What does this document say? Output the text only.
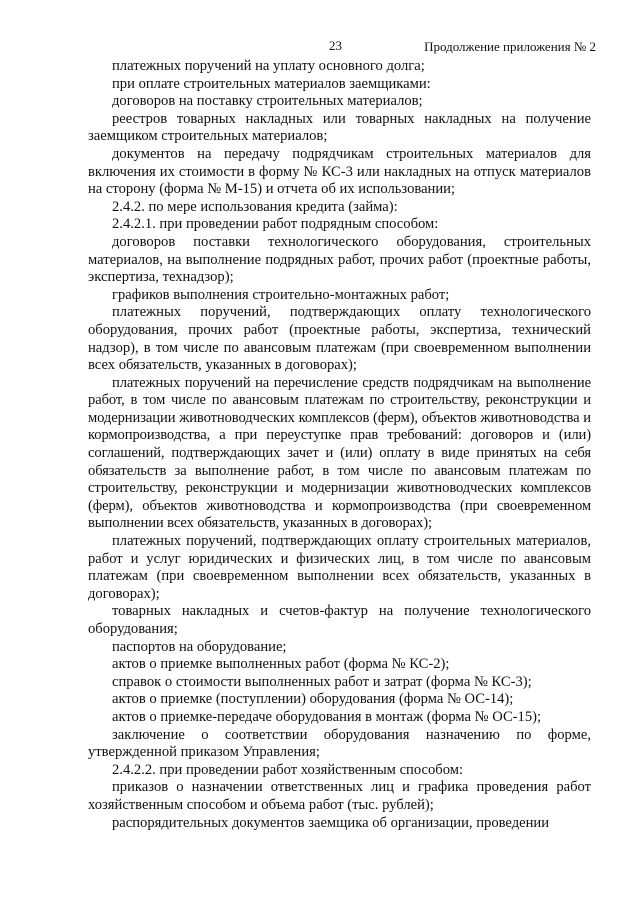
23	Продолжение приложения № 2

платежных поручений на уплату основного долга;

при оплате строительных материалов заемщиками:

договоров на поставку строительных материалов;

реестров товарных накладных или товарных накладных на получение заемщиком строительных материалов;

документов на передачу подрядчикам строительных материалов для включения их стоимости в форму № КС-3 или накладных на отпуск материалов на сторону (форма № М-15) и отчета об их использовании;

2.4.2. по мере использования кредита (займа):

2.4.2.1. при проведении работ подрядным способом:

договоров поставки технологического оборудования, строительных материалов, на выполнение подрядных работ, прочих работ (проектные работы, экспертиза, технадзор);

графиков выполнения строительно-монтажных работ;

платежных поручений, подтверждающих оплату технологического оборудования, прочих работ (проектные работы, экспертиза, технический надзор), в том числе по авансовым платежам (при своевременном выполнении всех обязательств, указанных в договорах);

платежных поручений на перечисление средств подрядчикам на выполнение работ, в том числе по авансовым платежам по строительству, реконструкции и модернизации животноводческих комплексов (ферм), объектов животноводства и кормопроизводства, а при переуступке прав требований: договоров и (или) соглашений, подтверждающих зачет и (или) оплату в виде принятых на себя обязательств за выполнение работ, в том числе по авансовым платежам по строительству, реконструкции и модернизации животноводческих комплексов (ферм), объектов животноводства и кормопроизводства (при своевременном выполнении всех обязательств, указанных в договорах);

платежных поручений, подтверждающих оплату строительных материалов, работ и услуг юридических и физических лиц, в том числе по авансовым платежам (при своевременном выполнении всех обязательств, указанных в договорах);

товарных накладных и счетов-фактур на получение технологического оборудования;

паспортов на оборудование;

актов о приемке выполненных работ (форма № КС-2);

справок о стоимости выполненных работ и затрат (форма № КС-3);

актов о приемке (поступлении) оборудования (форма № ОС-14);

актов о приемке-передаче оборудования в монтаж (форма № ОС-15);

заключение о соответствии оборудования назначению по форме, утвержденной приказом Управления;

2.4.2.2. при проведении работ хозяйственным способом:

приказов о назначении ответственных лиц и графика проведения работ хозяйственным способом и объема работ (тыс. рублей);

распорядительных документов заемщика об организации, проведении
